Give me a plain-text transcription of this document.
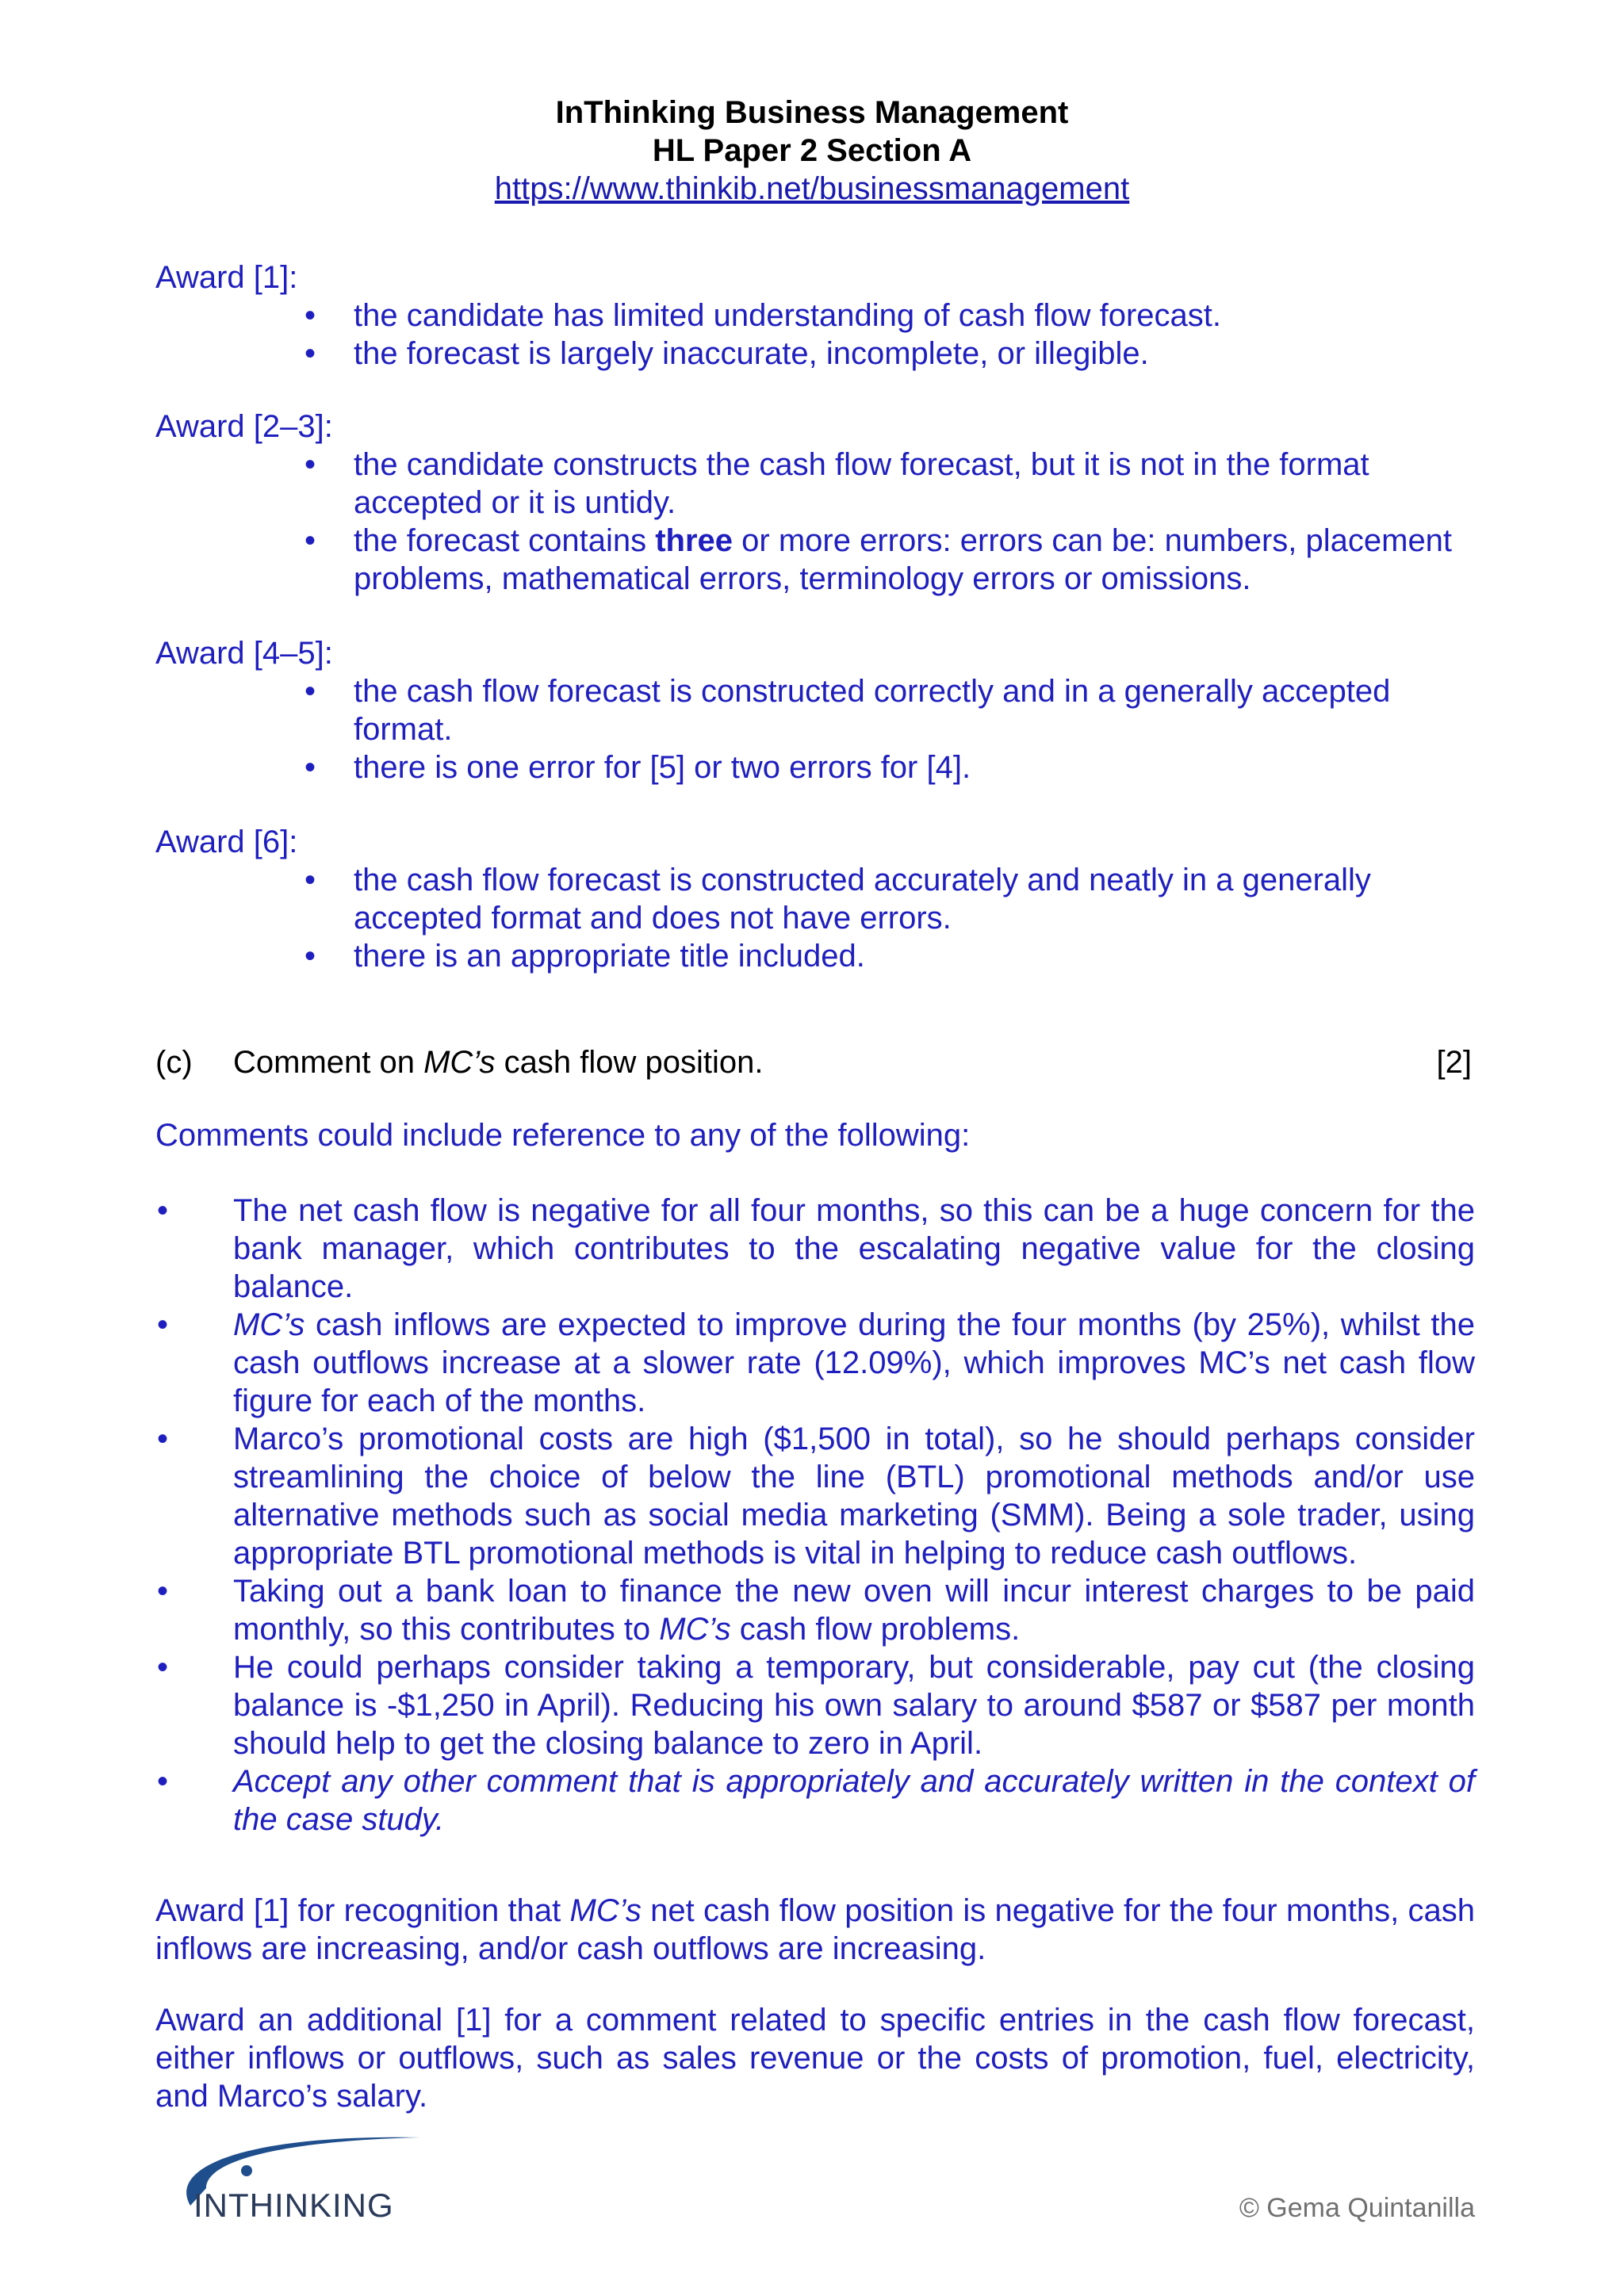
InThinking Business Management
HL Paper 2 Section A
https://www.thinkib.net/businessmanagement
Award [1]:
• the candidate has limited understanding of cash flow forecast.
• the forecast is largely inaccurate, incomplete, or illegible.
Award [2–3]:
• the candidate constructs the cash flow forecast, but it is not in the format accepted or it is untidy.
• the forecast contains three or more errors: errors can be: numbers, placement problems, mathematical errors, terminology errors or omissions.
Award [4–5]:
• the cash flow forecast is constructed correctly and in a generally accepted format.
• there is one error for [5] or two errors for [4].
Award [6]:
• the cash flow forecast is constructed accurately and neatly in a generally accepted format and does not have errors.
• there is an appropriate title included.
(c) Comment on MC’s cash flow position.	[2]
Comments could include reference to any of the following:
• The net cash flow is negative for all four months, so this can be a huge concern for the bank manager, which contributes to the escalating negative value for the closing balance.
• MC’s cash inflows are expected to improve during the four months (by 25%), whilst the cash outflows increase at a slower rate (12.09%), which improves MC’s net cash flow figure for each of the months.
• Marco’s promotional costs are high ($1,500 in total), so he should perhaps consider streamlining the choice of below the line (BTL) promotional methods and/or use alternative methods such as social media marketing (SMM). Being a sole trader, using appropriate BTL promotional methods is vital in helping to reduce cash outflows.
• Taking out a bank loan to finance the new oven will incur interest charges to be paid monthly, so this contributes to MC’s cash flow problems.
• He could perhaps consider taking a temporary, but considerable, pay cut (the closing balance is -$1,250 in April). Reducing his own salary to around $587 or $587 per month should help to get the closing balance to zero in April.
• Accept any other comment that is appropriately and accurately written in the context of the case study.
Award [1] for recognition that MC’s net cash flow position is negative for the four months, cash inflows are increasing, and/or cash outflows are increasing.
Award an additional [1] for a comment related to specific entries in the cash flow forecast, either inflows or outflows, such as sales revenue or the costs of promotion, fuel, electricity, and Marco’s salary.
INTHINKING	© Gema Quintanilla
